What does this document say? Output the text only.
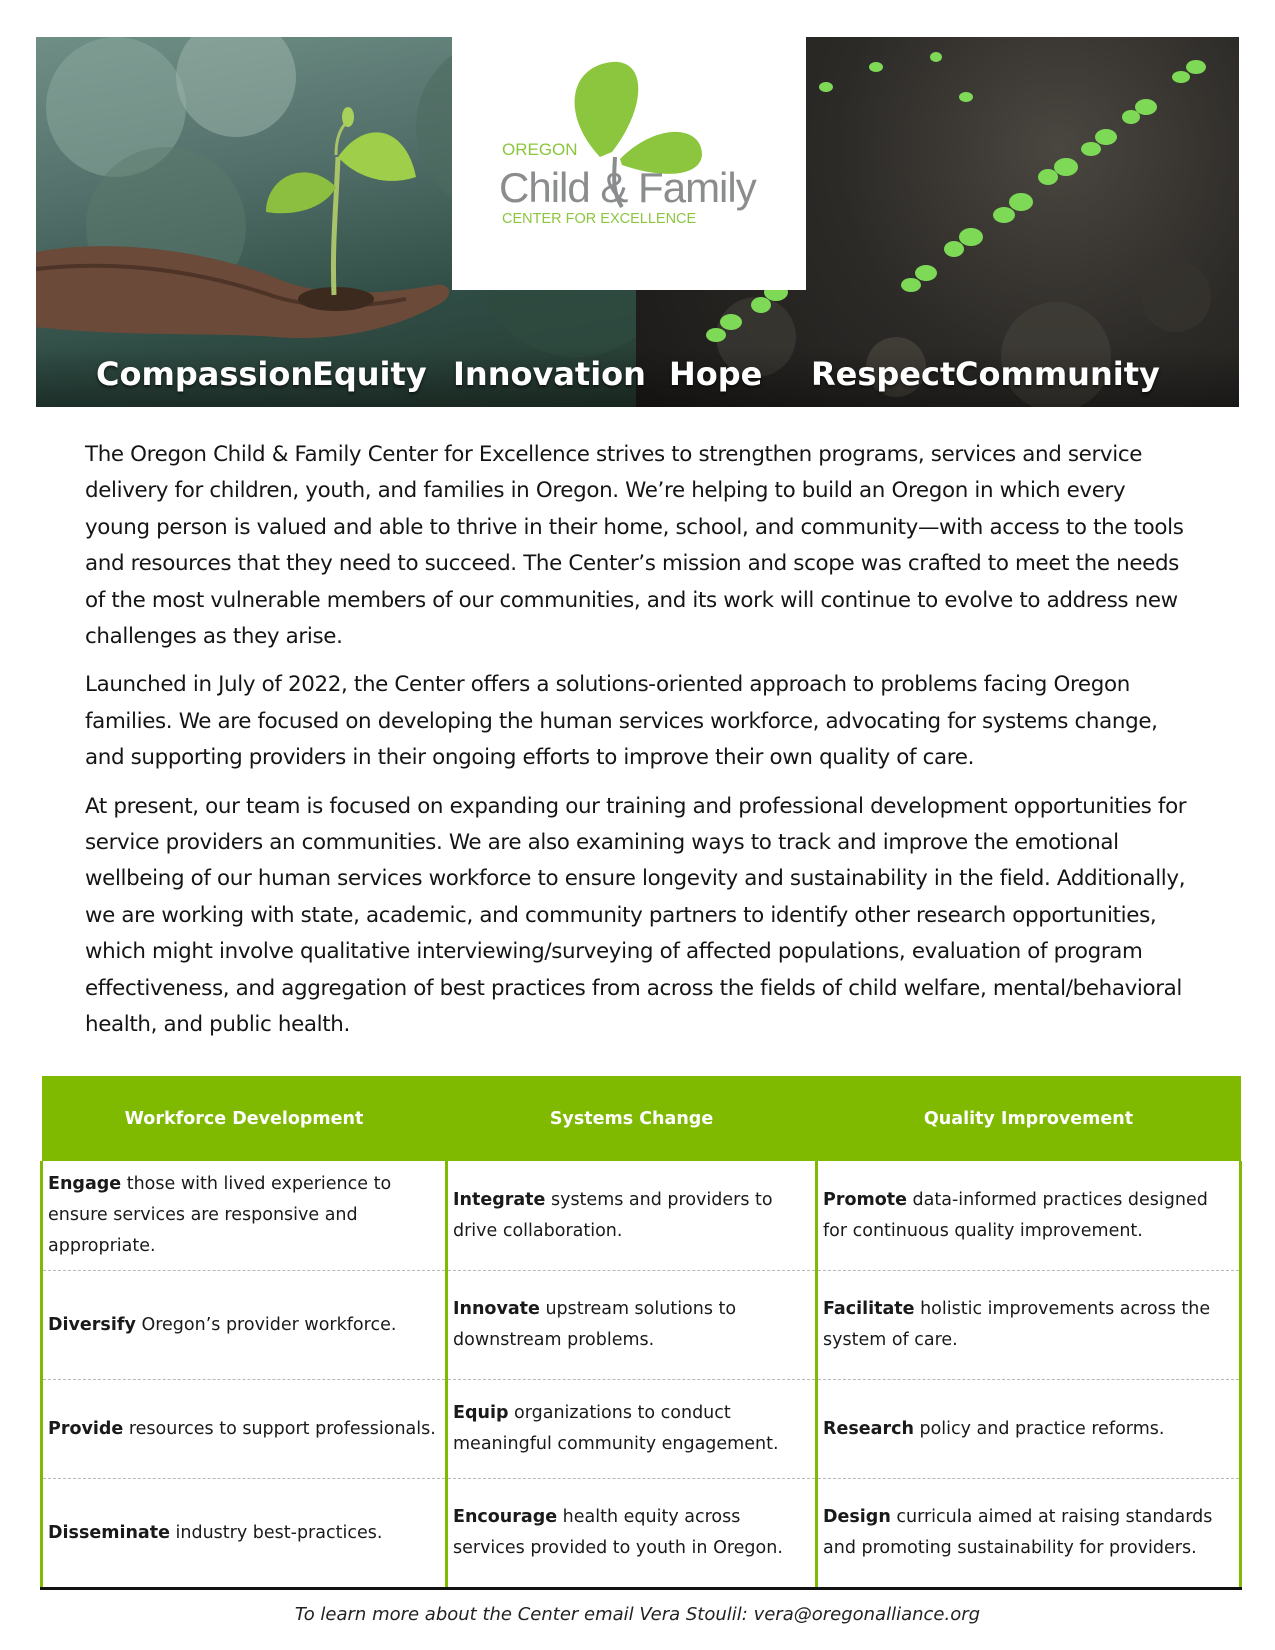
OREGON
Child & Family
CENTER FOR EXCELLENCE
Compassion
Equity Innovation Hope Respect Community

The Oregon Child & Family Center for Excellence strives to strengthen programs, services and service delivery for children, youth, and families in Oregon. We’re helping to build an Oregon in which every young person is valued and able to thrive in their home, school, and community—with access to the tools and resources that they need to succeed. The Center’s mission and scope was crafted to meet the needs of the most vulnerable members of our communities, and its work will continue to evolve to address new challenges as they arise.

Launched in July of 2022, the Center offers a solutions-oriented approach to problems facing Oregon families. We are focused on developing the human services workforce, advocating for systems change, and supporting providers in their ongoing efforts to improve their own quality of care.

At present, our team is focused on expanding our training and professional development opportunities for service providers an communities. We are also examining ways to track and improve the emotional wellbeing of our human services workforce to ensure longevity and sustainability in the field. Additionally, we are working with state, academic, and community partners to identify other research opportunities, which might involve qualitative interviewing/surveying of affected populations, evaluation of program effectiveness, and aggregation of best practices from across the fields of child welfare, mental/behavioral health, and public health.

Workforce Development	Systems Change	Quality Improvement
Engage those with lived experience to ensure services are responsive and appropriate.	Integrate systems and providers to drive collaboration.	Promote data-informed practices designed for continuous quality improvement.
Diversify Oregon’s provider workforce.	Innovate upstream solutions to downstream problems.	Facilitate holistic improvements across the system of care.
Provide resources to support professionals.	Equip organizations to conduct meaningful community engagement.	Research policy and practice reforms.
Disseminate industry best-practices.	Encourage health equity across services provided to youth in Oregon.	Design curricula aimed at raising standards and promoting sustainability for providers.
To learn more about the Center email Vera Stoulil: vera@oregonalliance.org
